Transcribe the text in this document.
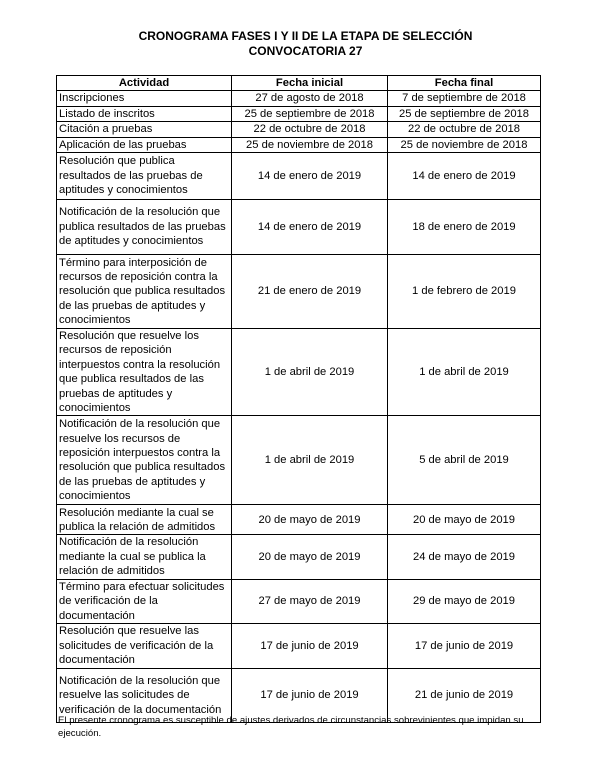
CRONOGRAMA FASES I Y II DE LA ETAPA DE SELECCIÓN
CONVOCATORIA 27
Actividad	Fecha inicial	Fecha final
Inscripciones	27 de agosto de 2018	7 de septiembre de 2018
Listado de inscritos	25 de septiembre de 2018	25 de septiembre de 2018
Citación a pruebas	22 de octubre de 2018	22 de octubre de 2018
Aplicación de las pruebas	25 de noviembre de 2018	25 de noviembre de 2018
Resolución que publica resultados de las pruebas de aptitudes y conocimientos	14 de enero de 2019	14 de enero de 2019
Notificación de la resolución que publica resultados de las pruebas de aptitudes y conocimientos	14 de enero de 2019	18 de enero de 2019
Término para interposición de recursos de reposición contra la resolución que publica resultados de las pruebas de aptitudes y conocimientos	21 de enero de 2019	1 de febrero de 2019
Resolución que resuelve los recursos de reposición interpuestos contra la resolución que publica resultados de las pruebas de aptitudes y conocimientos	1 de abril de 2019	1 de abril de 2019
Notificación de la resolución que resuelve los recursos de reposición interpuestos contra la resolución que publica resultados de las pruebas de aptitudes y conocimientos	1 de abril de 2019	5 de abril de 2019
Resolución mediante la cual se publica la relación de admitidos	20 de mayo de 2019	20 de mayo de 2019
Notificación de la resolución mediante la cual se publica la relación de admitidos	20 de mayo de 2019	24 de mayo de 2019
Término para efectuar solicitudes de verificación de la documentación	27 de mayo de 2019	29 de mayo de 2019
Resolución que resuelve las solicitudes de verificación de la documentación	17 de junio de 2019	17 de junio de 2019
Notificación de la resolución que resuelve las solicitudes de verificación de la documentación	17 de junio de 2019	21 de junio de 2019
El presente cronograma es susceptible de ajustes derivados de circunstancias sobrevinientes que impidan su ejecución.
